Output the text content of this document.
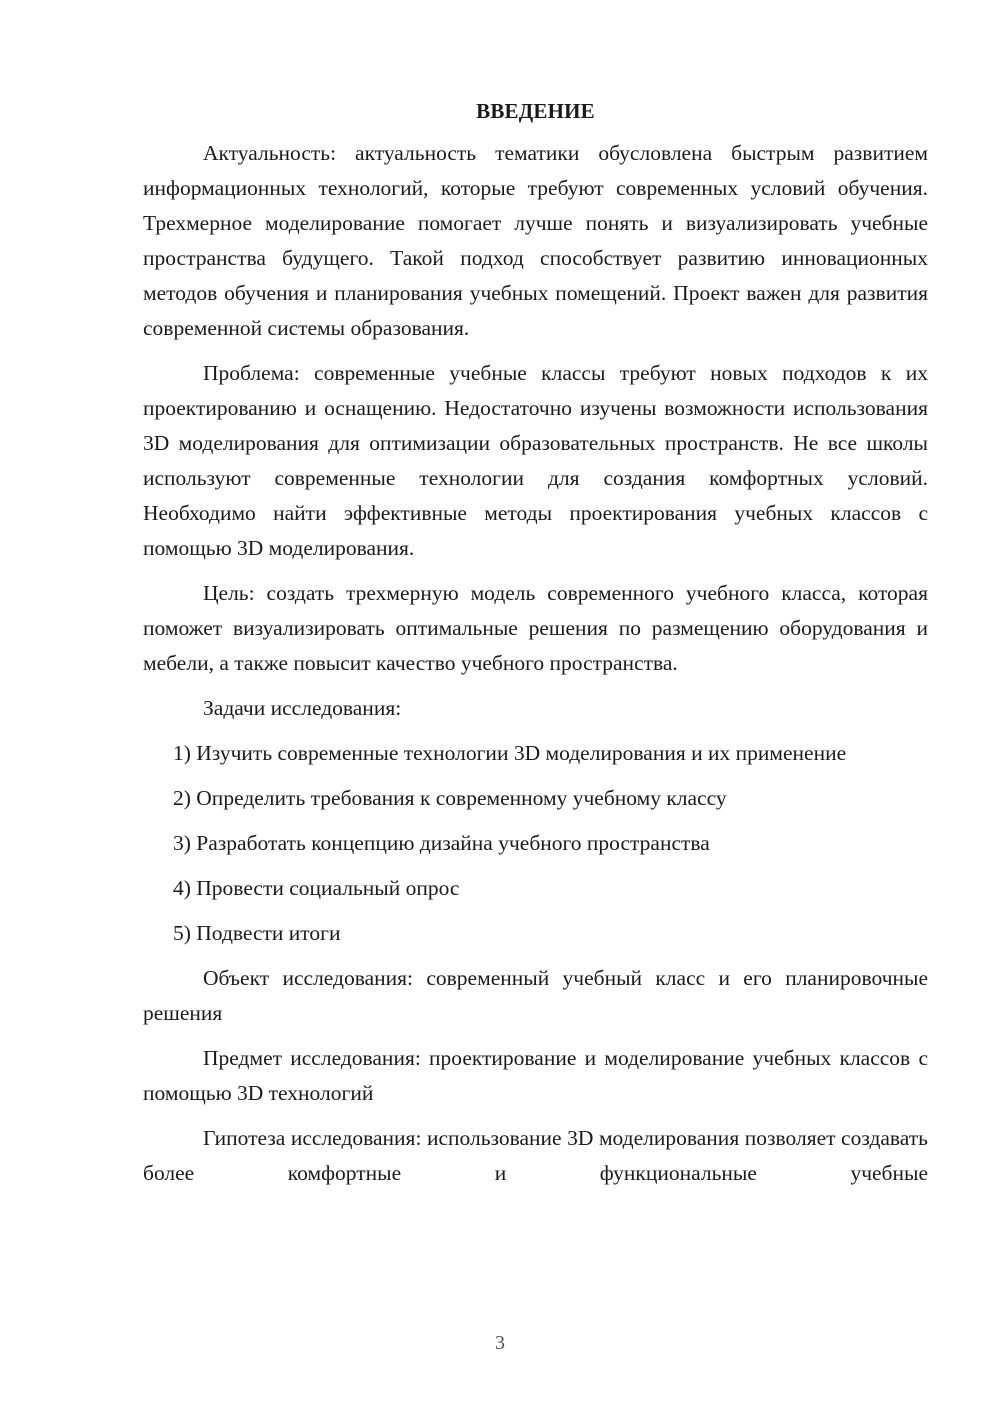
ВВЕДЕНИЕ

Актуальность: актуальность тематики обусловлена быстрым развитием информационных технологий, которые требуют современных условий обучения. Трехмерное моделирование помогает лучше понять и визуализировать учебные пространства будущего. Такой подход способствует развитию инновационных методов обучения и планирования учебных помещений. Проект важен для развития современной системы образования.

Проблема: современные учебные классы требуют новых подходов к их проектированию и оснащению. Недостаточно изучены возможности использования 3D моделирования для оптимизации образовательных пространств. Не все школы используют современные технологии для создания комфортных условий. Необходимо найти эффективные методы проектирования учебных классов с помощью 3D моделирования.

Цель: создать трехмерную модель современного учебного класса, которая поможет визуализировать оптимальные решения по размещению оборудования и мебели, а также повысит качество учебного пространства.

Задачи исследования:

1) Изучить современные технологии 3D моделирования и их применение

2) Определить требования к современному учебному классу

3) Разработать концепцию дизайна учебного пространства

4) Провести социальный опрос

5) Подвести итоги

Объект исследования: современный учебный класс и его планировочные решения

Предмет исследования: проектирование и моделирование учебных классов с помощью 3D технологий

Гипотеза исследования: использование 3D моделирования позволяет создавать более комфортные и функциональные учебные

3
